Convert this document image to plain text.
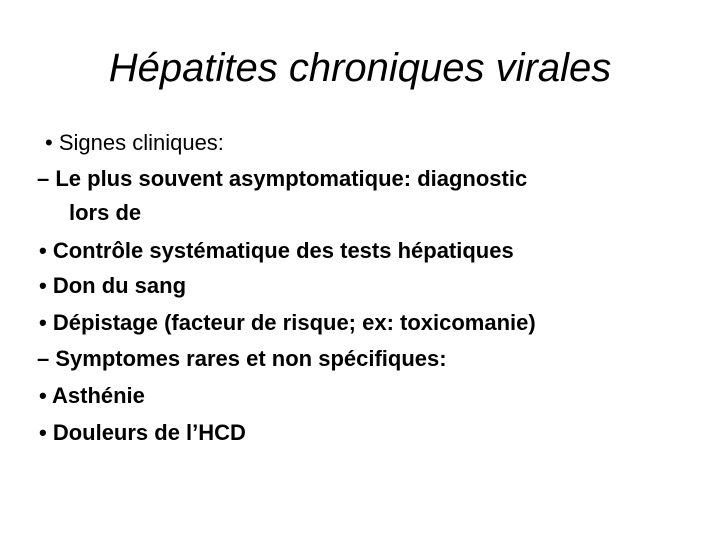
Hépatites chroniques virales
• Signes cliniques:
– Le plus souvent asymptomatique: diagnostic
lors de
• Contrôle systématique des tests hépatiques
• Don du sang
• Dépistage (facteur de risque; ex: toxicomanie)
– Symptomes rares et non spécifiques:
• Asthénie
• Douleurs de l’HCD
